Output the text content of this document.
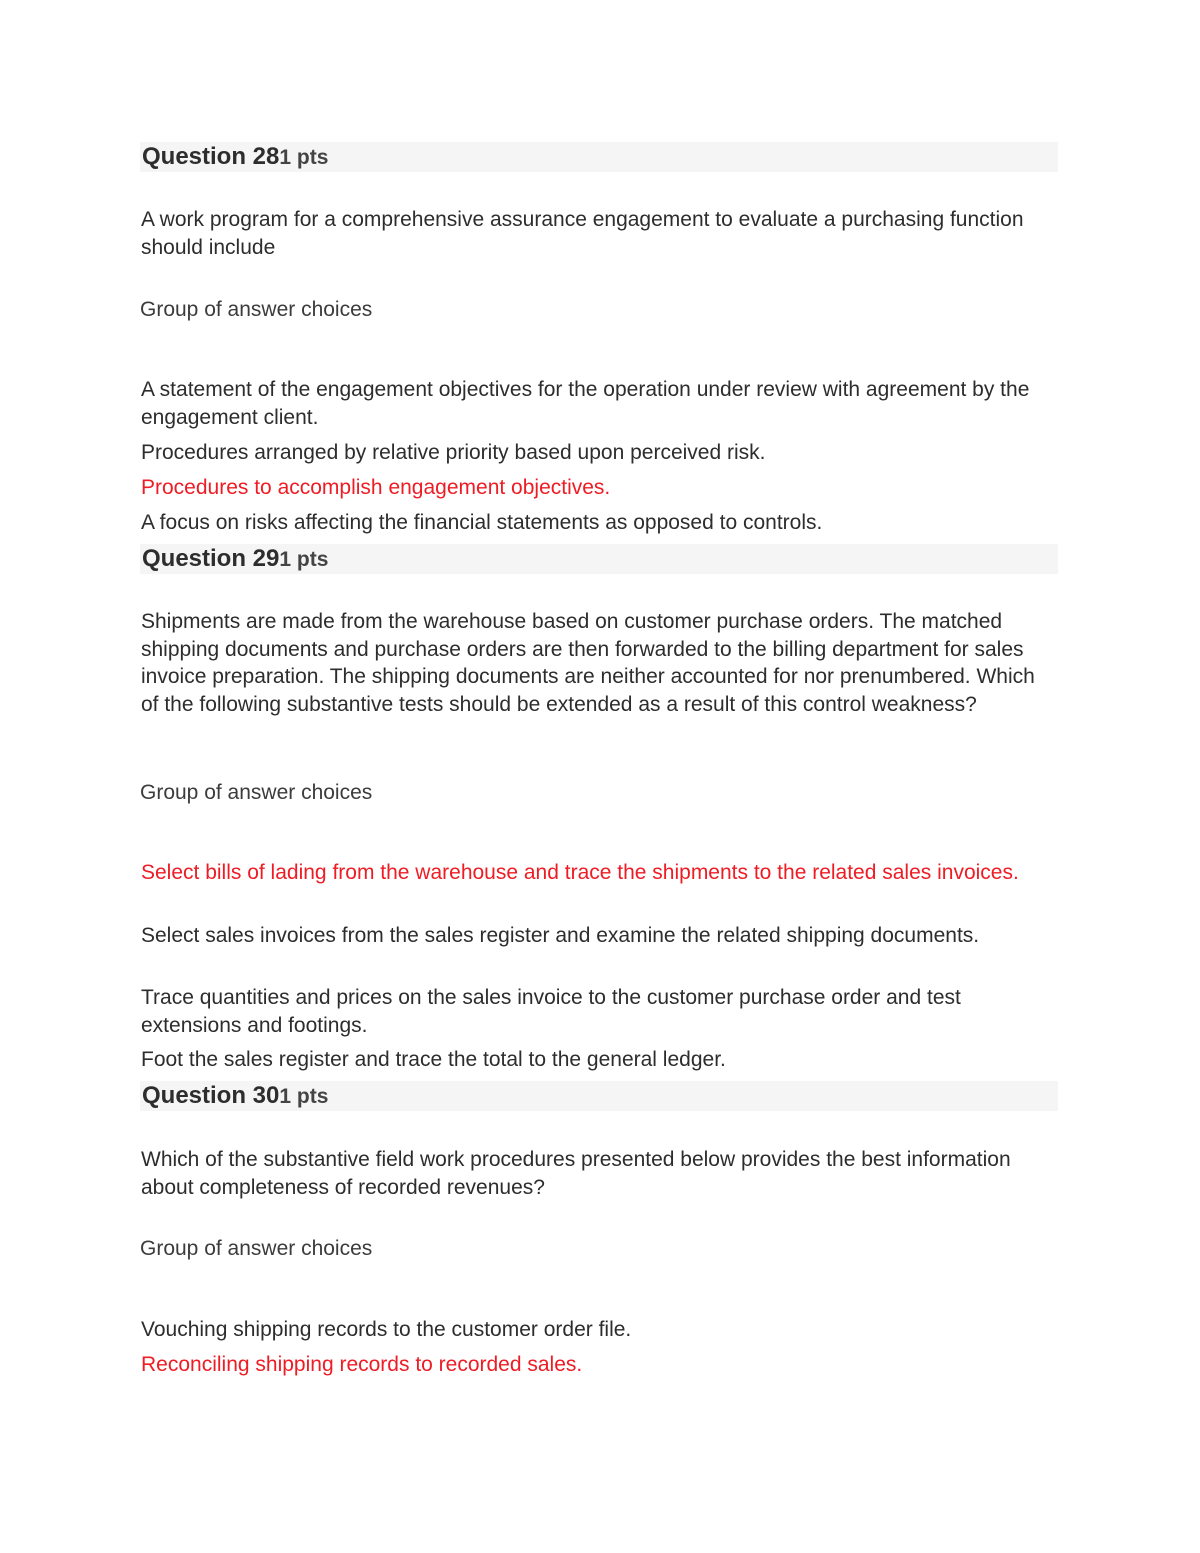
Question 281 pts

A work program for a comprehensive assurance engagement to evaluate a purchasing function should include

Group of answer choices
A statement of the engagement objectives for the operation under review with agreement by the engagement client.
Procedures arranged by relative priority based upon perceived risk.
Procedures to accomplish engagement objectives.
A focus on risks affecting the financial statements as opposed to controls.
Question 291 pts

Shipments are made from the warehouse based on customer purchase orders. The matched shipping documents and purchase orders are then forwarded to the billing department for sales invoice preparation. The shipping documents are neither accounted for nor prenumbered. Which of the following substantive tests should be extended as a result of this control weakness?

Group of answer choices
Select bills of lading from the warehouse and trace the shipments to the related sales invoices.
Select sales invoices from the sales register and examine the related shipping documents.
Trace quantities and prices on the sales invoice to the customer purchase order and test extensions and footings.
Foot the sales register and trace the total to the general ledger.
Question 301 pts

Which of the substantive field work procedures presented below provides the best information about completeness of recorded revenues?

Group of answer choices
Vouching shipping records to the customer order file.
Reconciling shipping records to recorded sales.
